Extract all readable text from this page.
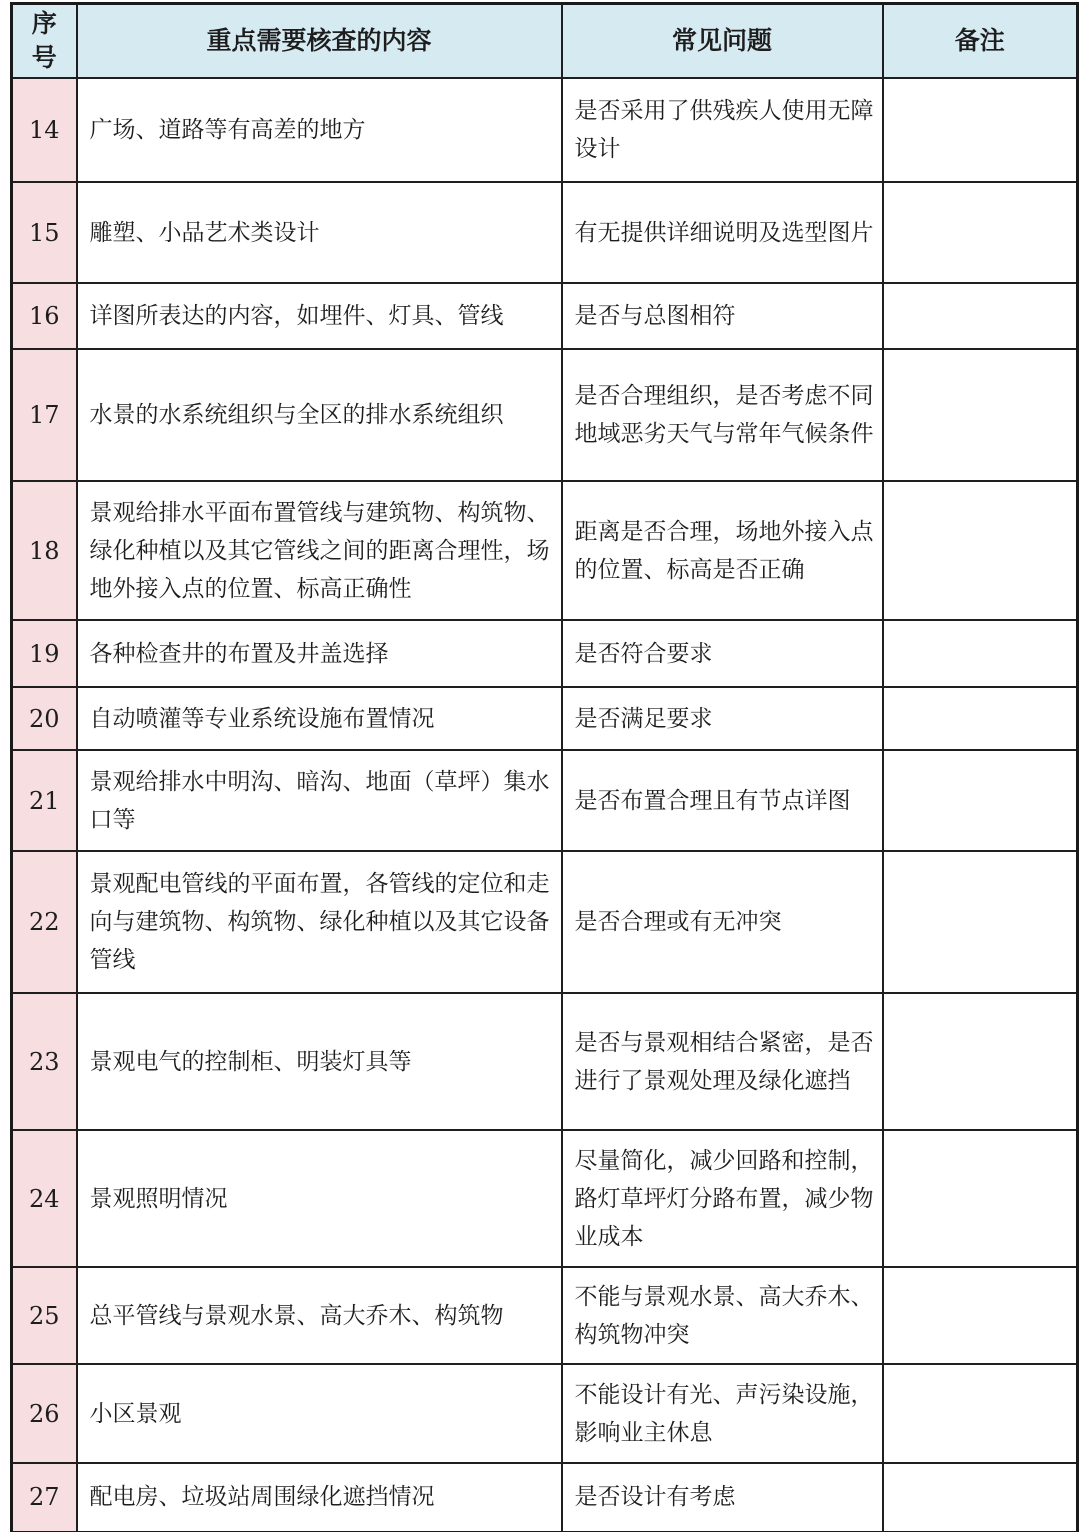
序号	重点需要核查的内容	常见问题	备注
14	广场、道路等有高差的地方	是否采用了供残疾人使用无障设计	
15	雕塑、小品艺术类设计	有无提供详细说明及选型图片	
16	详图所表达的内容，如埋件、灯具、管线	是否与总图相符	
17	水景的水系统组织与全区的排水系统组织	是否合理组织，是否考虑不同地域恶劣天气与常年气候条件	
18	景观给排水平面布置管线与建筑物、构筑物、绿化种植以及其它管线之间的距离合理性，场地外接入点的位置、标高正确性	距离是否合理，场地外接入点的位置、标高是否正确	
19	各种检查井的布置及井盖选择	是否符合要求	
20	自动喷灌等专业系统设施布置情况	是否满足要求	
21	景观给排水中明沟、暗沟、地面（草坪）集水口等	是否布置合理且有节点详图	
22	景观配电管线的平面布置，各管线的定位和走向与建筑物、构筑物、绿化种植以及其它设备管线	是否合理或有无冲突	
23	景观电气的控制柜、明装灯具等	是否与景观相结合紧密，是否进行了景观处理及绿化遮挡	
24	景观照明情况	尽量简化，减少回路和控制，路灯草坪灯分路布置，减少物业成本	
25	总平管线与景观水景、高大乔木、构筑物	不能与景观水景、高大乔木、构筑物冲突	
26	小区景观	不能设计有光、声污染设施，影响业主休息	
27	配电房、垃圾站周围绿化遮挡情况	是否设计有考虑	
